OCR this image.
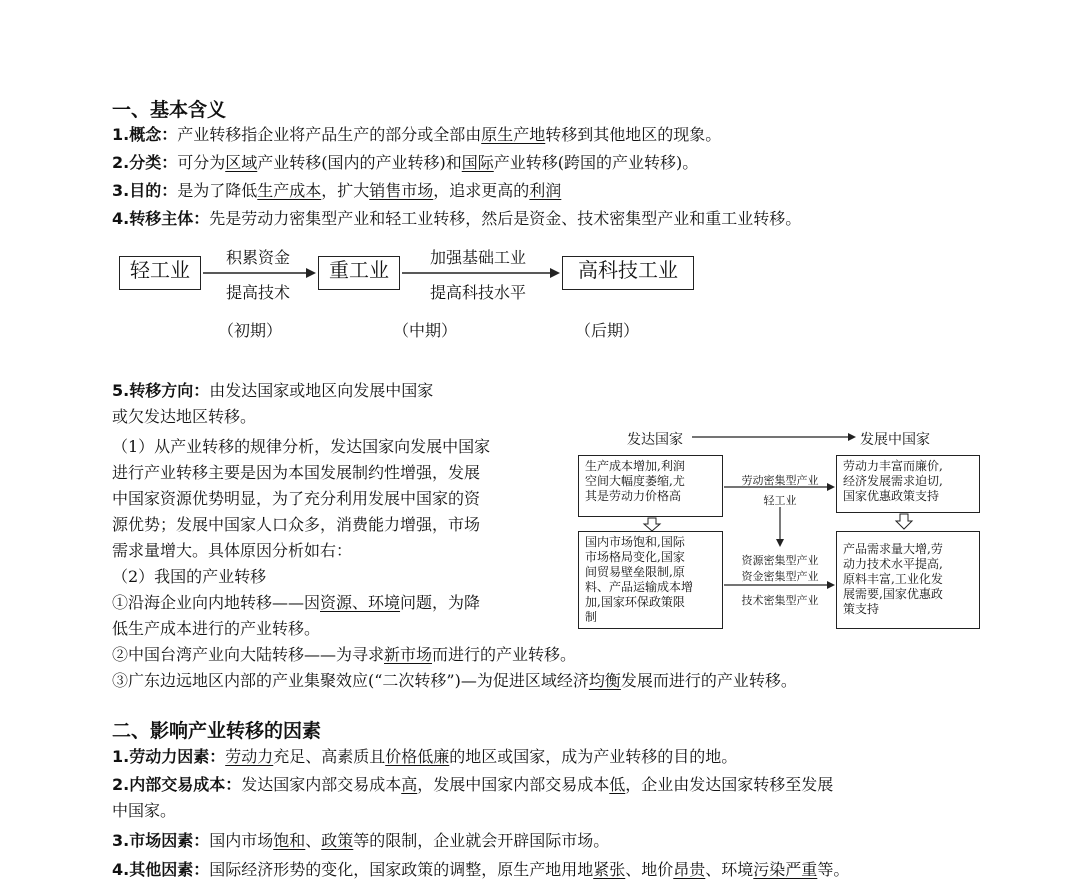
一、基本含义
1.概念：产业转移指企业将产品生产的部分或全部由原生产地转移到其他地区的现象。
2.分类：可分为区域产业转移(国内的产业转移)和国际产业转移(跨国的产业转移)。
3.目的：是为了降低生产成本，扩大销售市场，追求更高的利润
4.转移主体：先是劳动力密集型产业和轻工业转移，然后是资金、技术密集型产业和重工业转移。
轻工业	重工业	高科技工业
积累资金
提高技术
加强基础工业
提高科技水平
（初期）	（中期）	（后期）
5.转移方向：由发达国家或地区向发展中国家
或欠发达地区转移。
（1）从产业转移的规律分析，发达国家向发展中国家
进行产业转移主要是因为本国发展制约性增强，发展
中国家资源优势明显，为了充分利用发展中国家的资
源优势；发展中国家人口众多，消费能力增强，市场
需求量增大。具体原因分析如右：
（2）我国的产业转移
①沿海企业向内地转移——因资源、环境问题，为降
低生产成本进行的产业转移。
②中国台湾产业向大陆转移——为寻求新市场而进行的产业转移。
③广东边远地区内部的产业集聚效应(“二次转移”)—为促进区域经济均衡发展而进行的产业转移。
发达国家	发展中国家
生产成本增加,利润
空间大幅度萎缩,尤
其是劳动力价格高
国内市场饱和,国际
市场格局变化,国家
间贸易壁垒限制,原
料、产品运输成本增
加,国家环保政策限
制
劳动力丰富而廉价,
经济发展需求迫切,
国家优惠政策支持
产品需求量大增,劳
动力技术水平提高,
原料丰富,工业化发
展需要,国家优惠政
策支持
劳动密集型产业
轻工业
资源密集型产业
资金密集型产业
技术密集型产业
二、影响产业转移的因素
1.劳动力因素：劳动力充足、高素质且价格低廉的地区或国家，成为产业转移的目的地。
2.内部交易成本：发达国家内部交易成本高，发展中国家内部交易成本低，企业由发达国家转移至发展
中国家。
3.市场因素：国内市场饱和、政策等的限制，企业就会开辟国际市场。
4.其他因素：国际经济形势的变化，国家政策的调整，原生产地用地紧张、地价昂贵、环境污染严重等。
